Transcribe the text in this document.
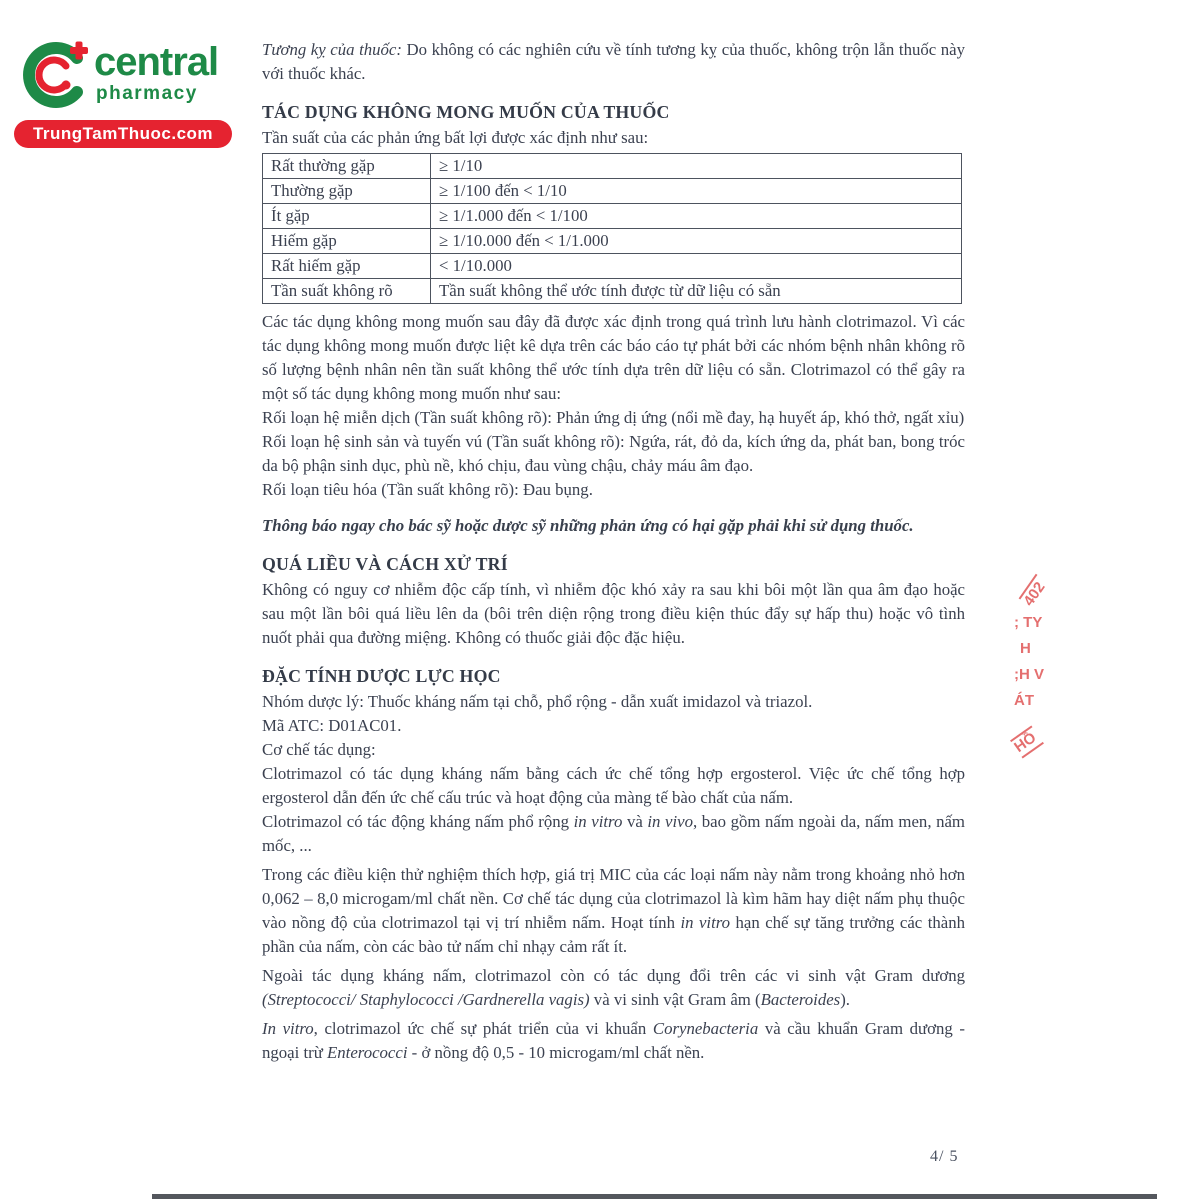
central
pharmacy
TrungTamThuoc.com

Tương kỵ của thuốc: Do không có các nghiên cứu về tính tương kỵ của thuốc, không trộn lẫn thuốc này với thuốc khác.

TÁC DỤNG KHÔNG MONG MUỐN CỦA THUỐC

Tần suất của các phản ứng bất lợi được xác định như sau:

Rất thường gặp	≥ 1/10
Thường gặp	≥ 1/100 đến < 1/10
Ít gặp	≥ 1/1.000 đến < 1/100
Hiếm gặp	≥ 1/10.000 đến < 1/1.000
Rất hiếm gặp	< 1/10.000
Tần suất không rõ	Tần suất không thể ước tính được từ dữ liệu có sẵn

Các tác dụng không mong muốn sau đây đã được xác định trong quá trình lưu hành clotrimazol. Vì các tác dụng không mong muốn được liệt kê dựa trên các báo cáo tự phát bởi các nhóm bệnh nhân không rõ số lượng bệnh nhân nên tần suất không thể ước tính dựa trên dữ liệu có sẵn. Clotrimazol có thể gây ra một số tác dụng không mong muốn như sau:

Rối loạn hệ miễn dịch (Tần suất không rõ): Phản ứng dị ứng (nổi mề đay, hạ huyết áp, khó thở, ngất xỉu)

Rối loạn hệ sinh sản và tuyến vú (Tần suất không rõ): Ngứa, rát, đỏ da, kích ứng da, phát ban, bong tróc da bộ phận sinh dục, phù nề, khó chịu, đau vùng chậu, chảy máu âm đạo.

Rối loạn tiêu hóa (Tần suất không rõ): Đau bụng.

Thông báo ngay cho bác sỹ hoặc dược sỹ những phản ứng có hại gặp phải khi sử dụng thuốc.

QUÁ LIỀU VÀ CÁCH XỬ TRÍ

Không có nguy cơ nhiễm độc cấp tính, vì nhiễm độc khó xảy ra sau khi bôi một lần qua âm đạo hoặc sau một lần bôi quá liều lên da (bôi trên diện rộng trong điều kiện thúc đẩy sự hấp thu) hoặc vô tình nuốt phải qua đường miệng. Không có thuốc giải độc đặc hiệu.

ĐẶC TÍNH DƯỢC LỰC HỌC

Nhóm dược lý: Thuốc kháng nấm tại chỗ, phổ rộng - dẫn xuất imidazol và triazol.

Mã ATC: D01AC01.

Cơ chế tác dụng:

Clotrimazol có tác dụng kháng nấm bằng cách ức chế tổng hợp ergosterol. Việc ức chế tổng hợp ergosterol dẫn đến ức chế cấu trúc và hoạt động của màng tế bào chất của nấm.

Clotrimazol có tác động kháng nấm phổ rộng in vitro và in vivo, bao gồm nấm ngoài da, nấm men, nấm mốc, ...

Trong các điều kiện thử nghiệm thích hợp, giá trị MIC của các loại nấm này nằm trong khoảng nhỏ hơn 0,062 – 8,0 microgam/ml chất nền. Cơ chế tác dụng của clotrimazol là kìm hãm hay diệt nấm phụ thuộc vào nồng độ của clotrimazol tại vị trí nhiễm nấm. Hoạt tính in vitro hạn chế sự tăng trưởng các thành phần của nấm, còn các bào tử nấm chỉ nhạy cảm rất ít.

Ngoài tác dụng kháng nấm, clotrimazol còn có tác dụng đổi trên các vi sinh vật Gram dương (Streptococci/ Staphylococci /Gardnerella vagis) và vi sinh vật Gram âm (Bacteroides).

In vitro, clotrimazol ức chế sự phát triển của vi khuẩn Corynebacteria và cầu khuẩn Gram dương - ngoại trừ Enterococci - ở nồng độ 0,5 - 10 microgam/ml chất nền.

402
; TY
H
;H V
ÁT
HỒ
4/ 5
